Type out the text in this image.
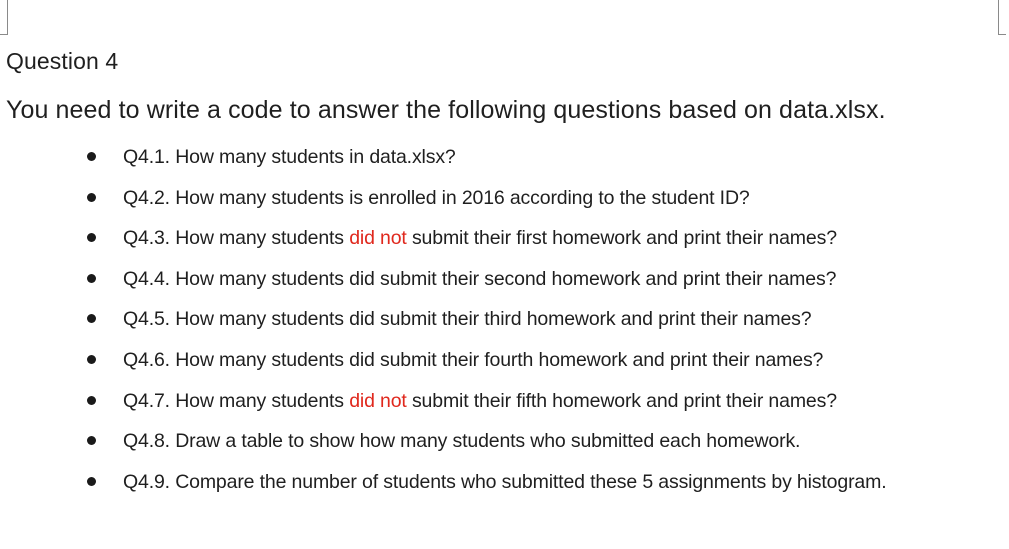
Question 4

You need to write a code to answer the following questions based on data.xlsx.

Q4.1. How many students in data.xlsx?
Q4.2. How many students is enrolled in 2016 according to the student ID?
Q4.3. How many students did not submit their first homework and print their names?
Q4.4. How many students did submit their second homework and print their names?
Q4.5. How many students did submit their third homework and print their names?
Q4.6. How many students did submit their fourth homework and print their names?
Q4.7. How many students did not submit their fifth homework and print their names?
Q4.8. Draw a table to show how many students who submitted each homework.
Q4.9. Compare the number of students who submitted these 5 assignments by histogram.
